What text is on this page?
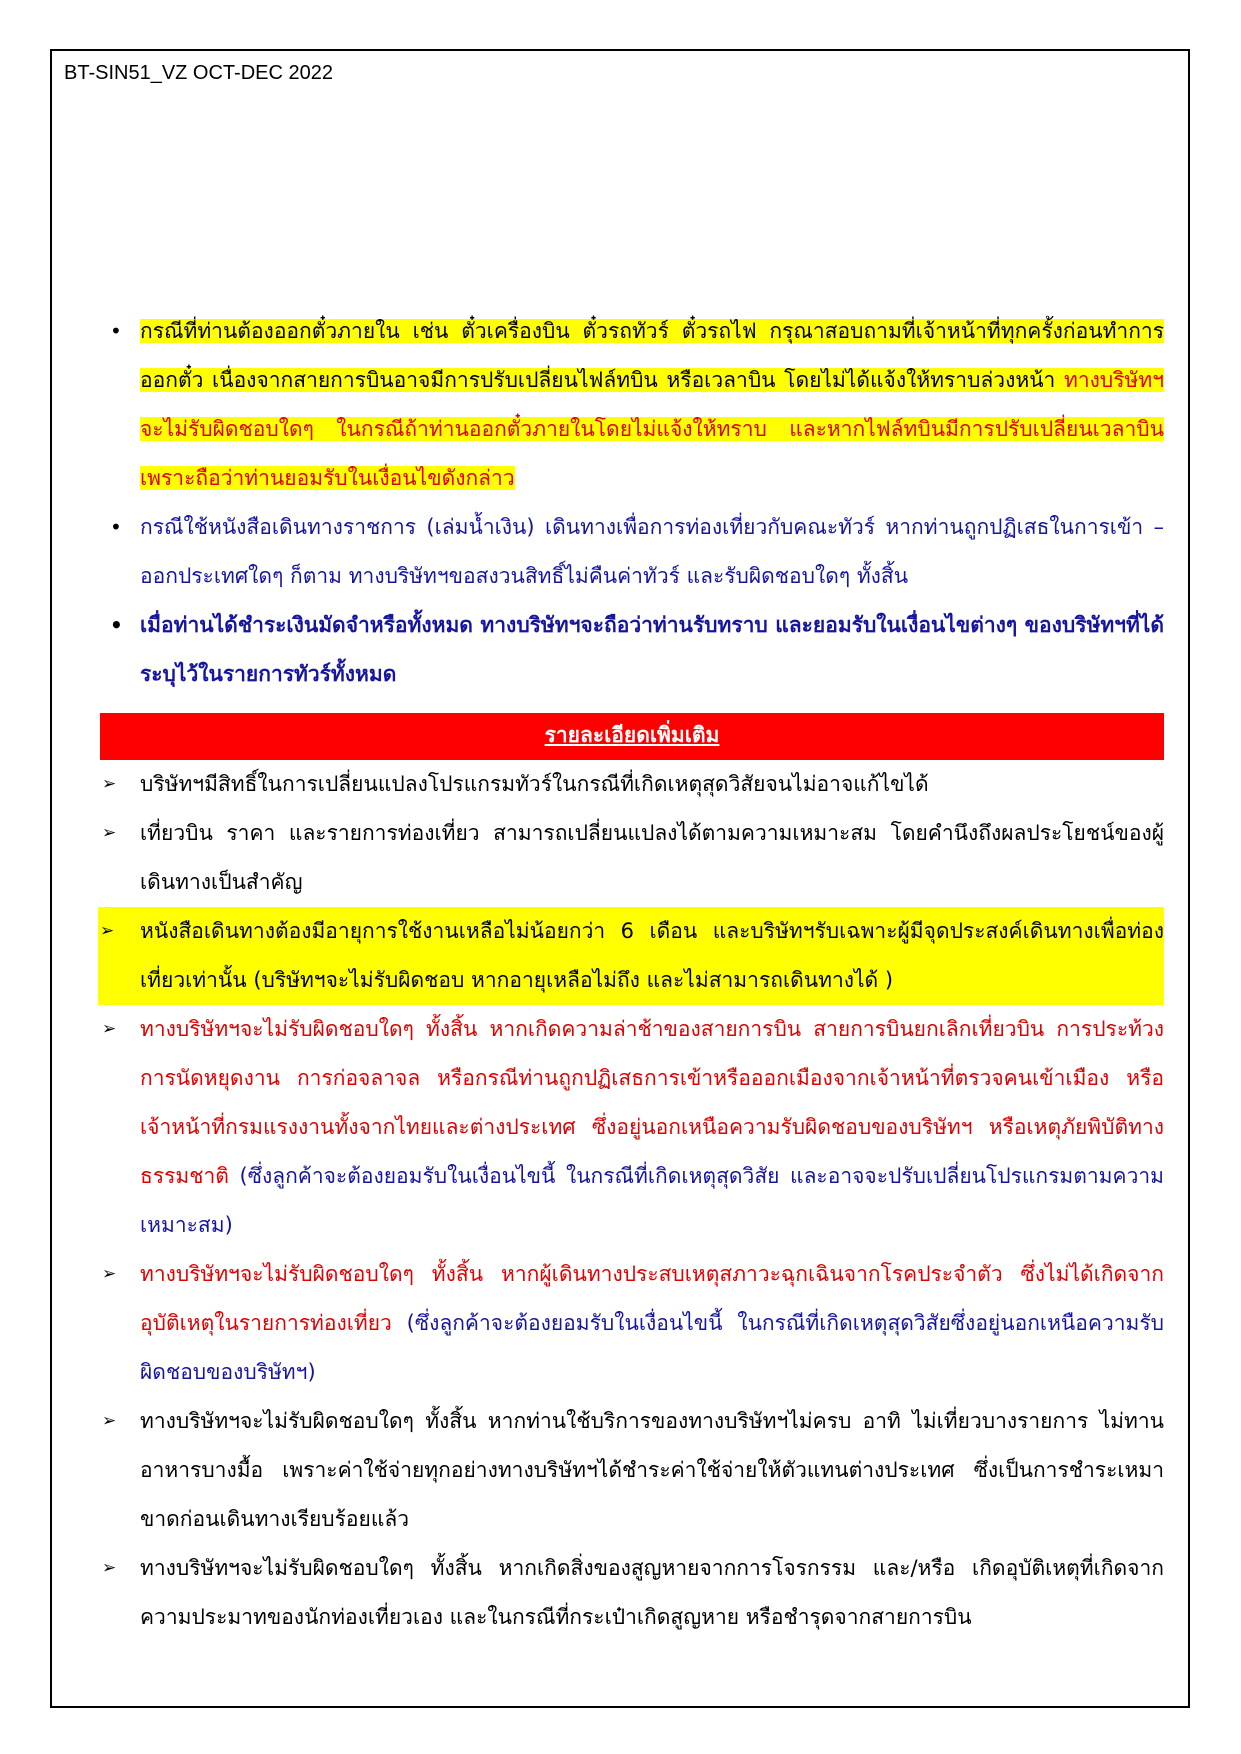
BT-SIN51_VZ OCT-DEC 2022
• กรณีที่ท่านต้องออกตั๋วภายใน เช่น ตั๋วเครื่องบิน ตั๋วรถทัวร์ ตั๋วรถไฟ กรุณาสอบถามที่เจ้าหน้าที่ทุกครั้งก่อนทำการออกตั๋ว เนื่องจากสายการบินอาจมีการปรับเปลี่ยนไฟล์ทบิน หรือเวลาบิน โดยไม่ได้แจ้งให้ทราบล่วงหน้า ทางบริษัทฯจะไม่รับผิดชอบใดๆ ในกรณีถ้าท่านออกตั๋วภายในโดยไม่แจ้งให้ทราบ และหากไฟล์ทบินมีการปรับเปลี่ยนเวลาบิน เพราะถือว่าท่านยอมรับในเงื่อนไขดังกล่าว
• กรณีใช้หนังสือเดินทางราชการ (เล่มน้ำเงิน) เดินทางเพื่อการท่องเที่ยวกับคณะทัวร์ หากท่านถูกปฏิเสธในการเข้า – ออกประเทศใดๆ ก็ตาม ทางบริษัทฯขอสงวนสิทธิ์ไม่คืนค่าทัวร์ และรับผิดชอบใดๆ ทั้งสิ้น
• เมื่อท่านได้ชำระเงินมัดจำหรือทั้งหมด ทางบริษัทฯจะถือว่าท่านรับทราบ และยอมรับในเงื่อนไขต่างๆ ของบริษัทฯที่ได้ระบุไว้ในรายการทัวร์ทั้งหมด
รายละเอียดเพิ่มเติม
➢ บริษัทฯมีสิทธิ์ในการเปลี่ยนแปลงโปรแกรมทัวร์ในกรณีที่เกิดเหตุสุดวิสัยจนไม่อาจแก้ไขได้
➢ เที่ยวบิน ราคา และรายการท่องเที่ยว สามารถเปลี่ยนแปลงได้ตามความเหมาะสม โดยคำนึงถึงผลประโยชน์ของผู้เดินทางเป็นสำคัญ
➢ หนังสือเดินทางต้องมีอายุการใช้งานเหลือไม่น้อยกว่า 6 เดือน และบริษัทฯรับเฉพาะผู้มีจุดประสงค์เดินทางเพื่อท่องเที่ยวเท่านั้น (บริษัทฯจะไม่รับผิดชอบ หากอายุเหลือไม่ถึง และไม่สามารถเดินทางได้ )
➢ ทางบริษัทฯจะไม่รับผิดชอบใดๆ ทั้งสิ้น หากเกิดความล่าช้าของสายการบิน สายการบินยกเลิกเที่ยวบิน การประท้วง การนัดหยุดงาน การก่อจลาจล หรือกรณีท่านถูกปฏิเสธการเข้าหรือออกเมืองจากเจ้าหน้าที่ตรวจคนเข้าเมือง หรือเจ้าหน้าที่กรมแรงงานทั้งจากไทยและต่างประเทศ ซึ่งอยู่นอกเหนือความรับผิดชอบของบริษัทฯ หรือเหตุภัยพิบัติทางธรรมชาติ (ซึ่งลูกค้าจะต้องยอมรับในเงื่อนไขนี้ ในกรณีที่เกิดเหตุสุดวิสัย และอาจจะปรับเปลี่ยนโปรแกรมตามความเหมาะสม)
➢ ทางบริษัทฯจะไม่รับผิดชอบใดๆ ทั้งสิ้น หากผู้เดินทางประสบเหตุสภาวะฉุกเฉินจากโรคประจำตัว ซึ่งไม่ได้เกิดจากอุบัติเหตุในรายการท่องเที่ยว (ซึ่งลูกค้าจะต้องยอมรับในเงื่อนไขนี้ ในกรณีที่เกิดเหตุสุดวิสัยซึ่งอยู่นอกเหนือความรับผิดชอบของบริษัทฯ)
➢ ทางบริษัทฯจะไม่รับผิดชอบใดๆ ทั้งสิ้น หากท่านใช้บริการของทางบริษัทฯไม่ครบ อาทิ ไม่เที่ยวบางรายการ ไม่ทานอาหารบางมื้อ เพราะค่าใช้จ่ายทุกอย่างทางบริษัทฯได้ชำระค่าใช้จ่ายให้ตัวแทนต่างประเทศ ซึ่งเป็นการชำระเหมาขาดก่อนเดินทางเรียบร้อยแล้ว
➢ ทางบริษัทฯจะไม่รับผิดชอบใดๆ ทั้งสิ้น หากเกิดสิ่งของสูญหายจากการโจรกรรม และ/หรือ เกิดอุบัติเหตุที่เกิดจากความประมาทของนักท่องเที่ยวเอง และในกรณีที่กระเป๋าเกิดสูญหาย หรือชำรุดจากสายการบิน
